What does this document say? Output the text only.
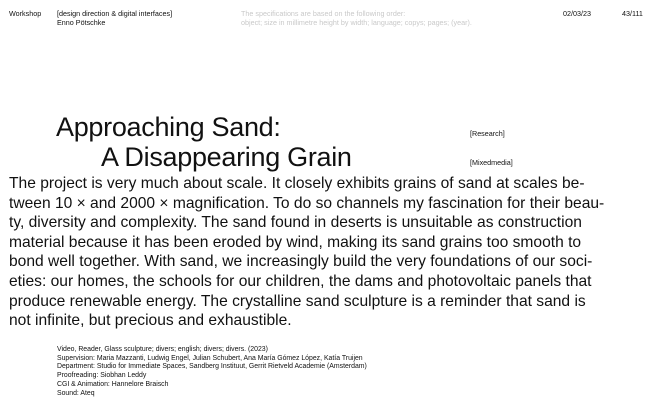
Workshop [design direction & digital interfaces]
Enno Pötschke
The specifications are based on the following order:
object; size in millimetre height by width; language; copys; pages; (year).
02/03/23	43/111
Approaching Sand:
A Disappearing Grain
[Research]
[Mixedmedia]
The project is very much about scale. It closely exhibits grains of sand at scales be-
tween 10 × and 2000 × magnification. To do so channels my fascination for their beau-
ty, diversity and complexity. The sand found in deserts is unsuitable as construction
material because it has been eroded by wind, making its sand grains too smooth to
bond well together. With sand, we increasingly build the very foundations of our soci-
eties: our homes, the schools for our children, the dams and photovoltaic panels that
produce renewable energy. The crystalline sand sculpture is a reminder that sand is
not infinite, but precious and exhaustible.
Video, Reader, Glass sculpture; divers; english; divers; divers. (2023)
Supervision: Maria Mazzanti, Ludwig Engel, Julian Schubert, Ana María Gómez López, Katía Truijen
Department: Studio for Immediate Spaces, Sandberg Instituut, Gerrit Rietveld Academie (Amsterdam)
Proofreading: Siobhan Leddy
CGI & Animation: Hannelore Braisch
Sound: Ateq
